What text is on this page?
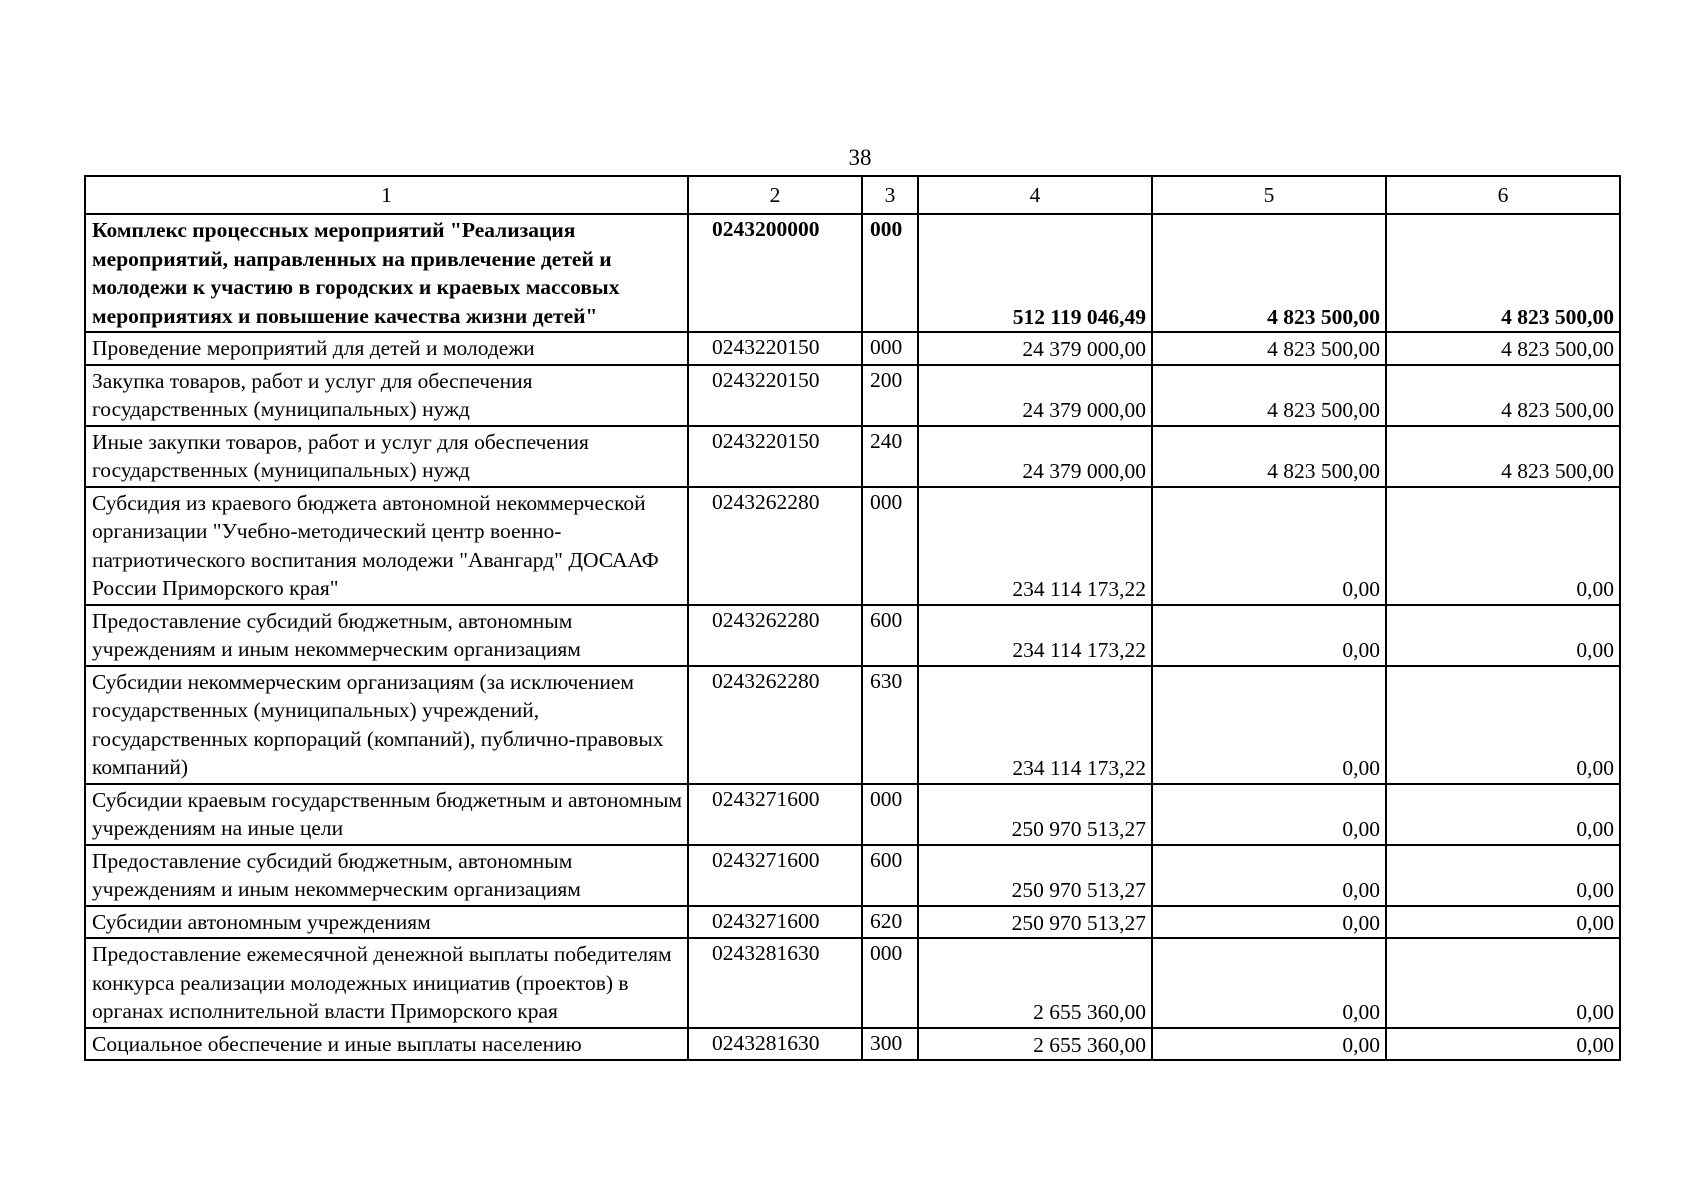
38
1	2	3	4	5	6
Комплекс процессных мероприятий "Реализация мероприятий, направленных на привлечение детей и молодежи к участию в городских и краевых массовых мероприятиях и повышение качества жизни детей"	0243200000	000	512 119 046,49	4 823 500,00	4 823 500,00
Проведение мероприятий для детей и молодежи	0243220150	000	24 379 000,00	4 823 500,00	4 823 500,00
Закупка товаров, работ и услуг для обеспечения государственных (муниципальных) нужд	0243220150	200	24 379 000,00	4 823 500,00	4 823 500,00
Иные закупки товаров, работ и услуг для обеспечения государственных (муниципальных) нужд	0243220150	240	24 379 000,00	4 823 500,00	4 823 500,00
Субсидия из краевого бюджета автономной некоммерческой организации "Учебно-методический центр военно-патриотического воспитания молодежи "Авангард" ДОСААФ России Приморского края"	0243262280	000	234 114 173,22	0,00	0,00
Предоставление субсидий бюджетным, автономным учреждениям и иным некоммерческим организациям	0243262280	600	234 114 173,22	0,00	0,00
Субсидии некоммерческим организациям (за исключением государственных (муниципальных) учреждений, государственных корпораций (компаний), публично-правовых компаний)	0243262280	630	234 114 173,22	0,00	0,00
Субсидии краевым государственным бюджетным и автономным учреждениям на иные цели	0243271600	000	250 970 513,27	0,00	0,00
Предоставление субсидий бюджетным, автономным учреждениям и иным некоммерческим организациям	0243271600	600	250 970 513,27	0,00	0,00
Субсидии автономным учреждениям	0243271600	620	250 970 513,27	0,00	0,00
Предоставление ежемесячной денежной выплаты победителям конкурса реализации молодежных инициатив (проектов) в органах исполнительной власти Приморского края	0243281630	000	2 655 360,00	0,00	0,00
Социальное обеспечение и иные выплаты населению	0243281630	300	2 655 360,00	0,00	0,00
